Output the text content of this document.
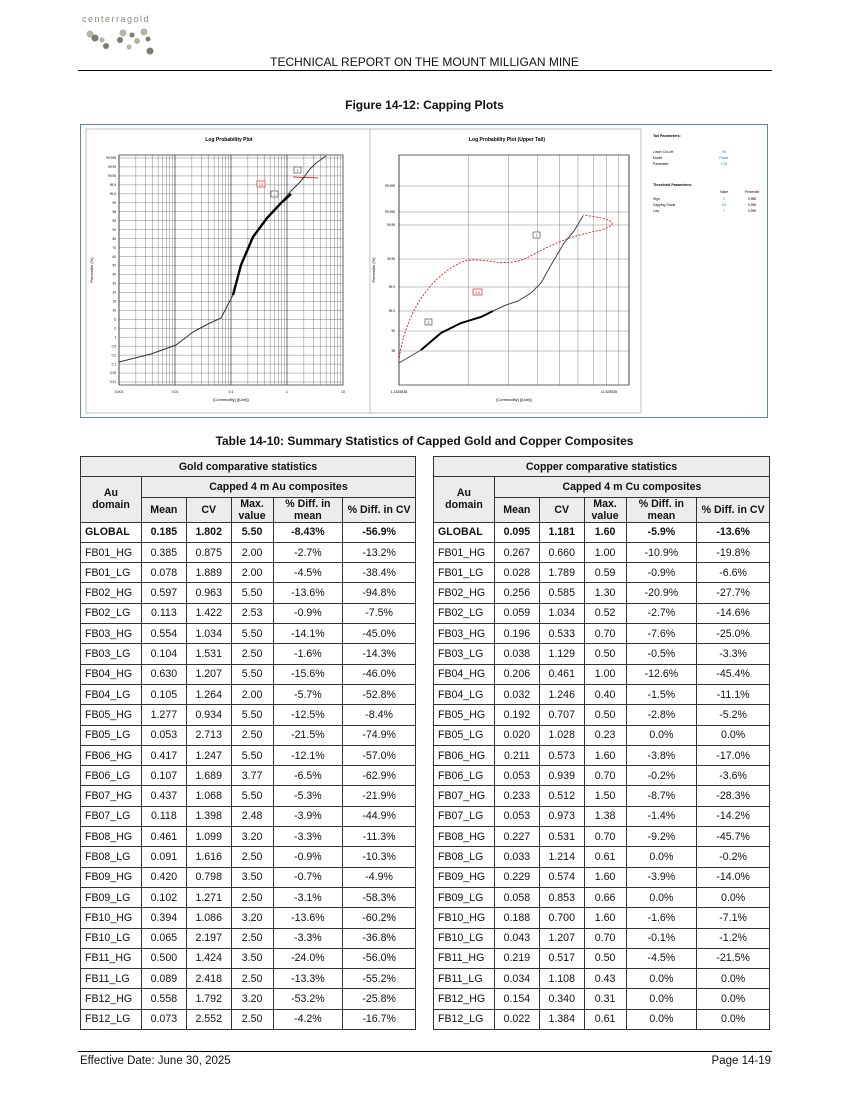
centerragold
TECHNICAL REPORT ON THE MOUNT MILLIGAN MINE
Figure 14-12: Capping Plots
Log Probability Plot
99.995
99.99
99.95
99.9
99.5
99
98
95
90
80
70
60
50
40
30
20
15
10
5
2
1
0.5
0.2
0.1
0.05
0.01
0.001	0.01	0.1	1	10
[Commodity] ([Unit])
Percentile (%)
3.5
2
7
Log Probability Plot (Upper Tail)
99.999
99.995
99.99
99.95
99.9
99.5
99
98
1.1525538	11.525538
[Commodity] ([Unit])
Percentile (%)
7
3.5
2
Tail Parameters:
Lower Cut-off:	95
Model:	Power
Parameter:	0.25
Threshold Parameters:
Value	Percentile
High	2	0.986
Capping Grade	3.5	0.996
Low	7	0.999
Table 14-10: Summary Statistics of Capped Gold and Copper Composites
Gold comparative statistics					
Au domain	Capped 4 m Au composites				
	Mean	CV	Max. value	% Diff. in mean	% Diff. in CV
GLOBAL	0.185	1.802	5.50	-8.43%	-56.9%
FB01_HG	0.385	0.875	2.00	-2.7%	-13.2%
FB01_LG	0.078	1.889	2.00	-4.5%	-38.4%
FB02_HG	0.597	0.963	5.50	-13.6%	-94.8%
FB02_LG	0.113	1.422	2.53	-0.9%	-7.5%
FB03_HG	0.554	1.034	5.50	-14.1%	-45.0%
FB03_LG	0.104	1.531	2.50	-1.6%	-14.3%
FB04_HG	0.630	1.207	5.50	-15.6%	-46.0%
FB04_LG	0.105	1.264	2.00	-5.7%	-52.8%
FB05_HG	1.277	0.934	5.50	-12.5%	-8.4%
FB05_LG	0.053	2.713	2.50	-21.5%	-74.9%
FB06_HG	0.417	1.247	5.50	-12.1%	-57.0%
FB06_LG	0.107	1.689	3.77	-6.5%	-62.9%
FB07_HG	0.437	1.068	5.50	-5.3%	-21.9%
FB07_LG	0.118	1.398	2.48	-3.9%	-44.9%
FB08_HG	0.461	1.099	3.20	-3.3%	-11.3%
FB08_LG	0.091	1.616	2.50	-0.9%	-10.3%
FB09_HG	0.420	0.798	3.50	-0.7%	-4.9%
FB09_LG	0.102	1.271	2.50	-3.1%	-58.3%
FB10_HG	0.394	1.086	3.20	-13.6%	-60.2%
FB10_LG	0.065	2.197	2.50	-3.3%	-36.8%
FB11_HG	0.500	1.424	3.50	-24.0%	-56.0%
FB11_LG	0.089	2.418	2.50	-13.3%	-55.2%
FB12_HG	0.558	1.792	3.20	-53.2%	-25.8%
FB12_LG	0.073	2.552	2.50	-4.2%	-16.7%
Copper comparative statistics					
Au domain	Capped 4 m Cu composites				
	Mean	CV	Max. value	% Diff. in mean	% Diff. in CV
GLOBAL	0.095	1.181	1.60	-5.9%	-13.6%
FB01_HG	0.267	0.660	1.00	-10.9%	-19.8%
FB01_LG	0.028	1.789	0.59	-0.9%	-6.6%
FB02_HG	0.256	0.585	1.30	-20.9%	-27.7%
FB02_LG	0.059	1.034	0.52	-2.7%	-14.6%
FB03_HG	0.196	0.533	0.70	-7.6%	-25.0%
FB03_LG	0.038	1.129	0.50	-0.5%	-3.3%
FB04_HG	0.206	0.461	1.00	-12.6%	-45.4%
FB04_LG	0.032	1.246	0.40	-1.5%	-11.1%
FB05_HG	0.192	0.707	0.50	-2.8%	-5.2%
FB05_LG	0.020	1.028	0.23	0.0%	0.0%
FB06_HG	0.211	0.573	1.60	-3.8%	-17.0%
FB06_LG	0.053	0.939	0.70	-0.2%	-3.6%
FB07_HG	0.233	0.512	1.50	-8.7%	-28.3%
FB07_LG	0.053	0.973	1.38	-1.4%	-14.2%
FB08_HG	0.227	0.531	0.70	-9.2%	-45.7%
FB08_LG	0.033	1.214	0.61	0.0%	-0.2%
FB09_HG	0.229	0.574	1.60	-3.9%	-14.0%
FB09_LG	0.058	0.853	0.66	0.0%	0.0%
FB10_HG	0.188	0.700	1.60	-1.6%	-7.1%
FB10_LG	0.043	1.207	0.70	-0.1%	-1.2%
FB11_HG	0.219	0.517	0.50	-4.5%	-21.5%
FB11_LG	0.034	1.108	0.43	0.0%	0.0%
FB12_HG	0.154	0.340	0.31	0.0%	0.0%
FB12_LG	0.022	1.384	0.61	0.0%	0.0%
Effective Date: June 30, 2025	Page 14-19
